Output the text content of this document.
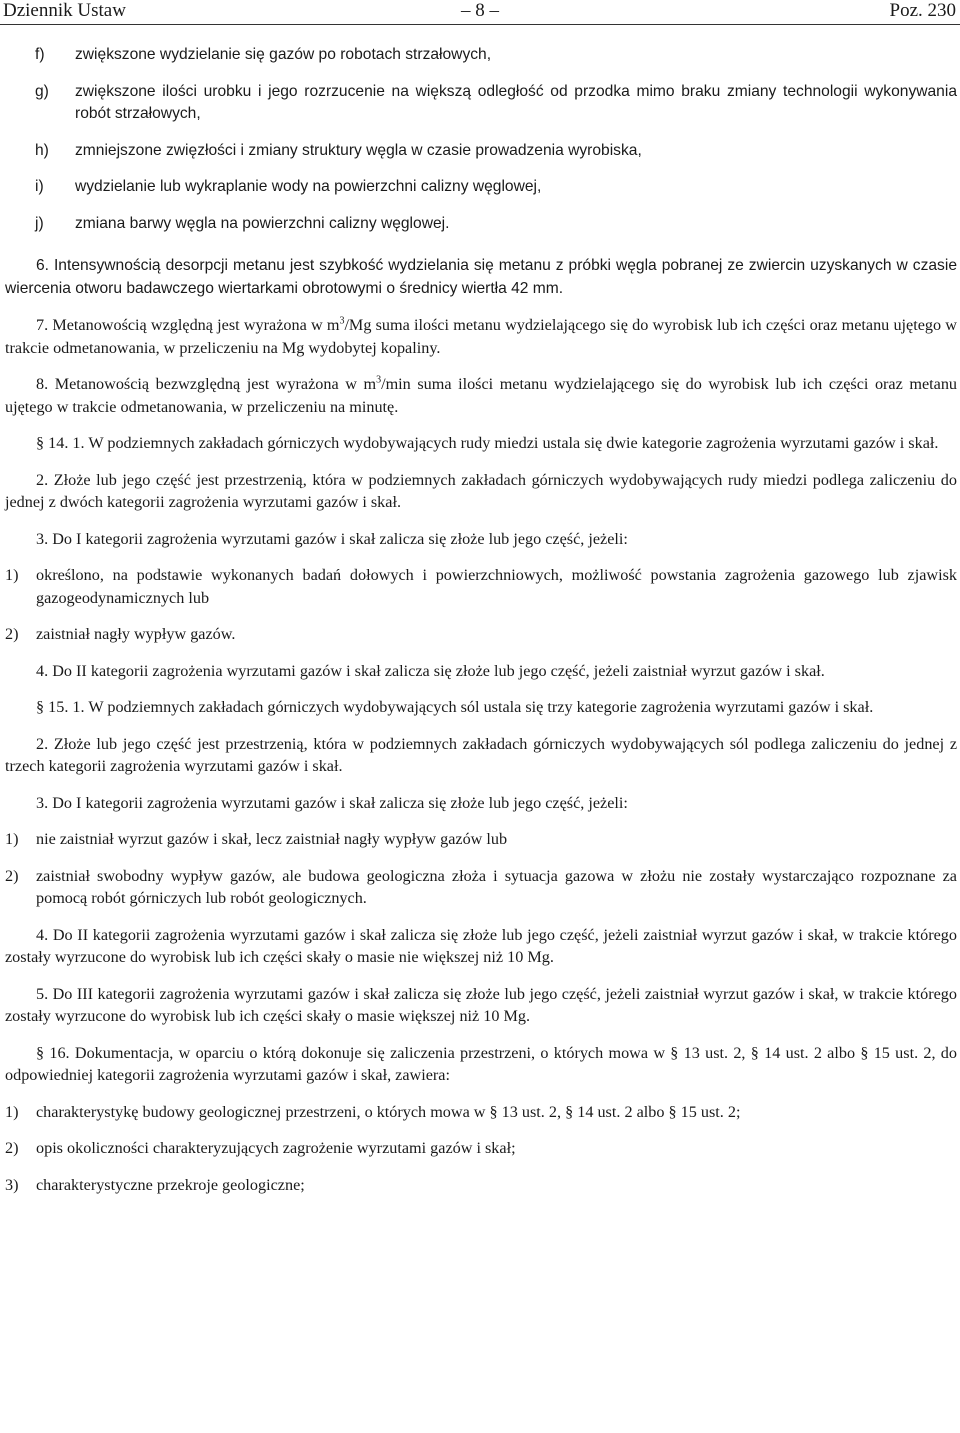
Dziennik Ustaw	– 8 –	Poz. 230
f) zwiększone wydzielanie się gazów po robotach strzałowych,
g) zwiększone ilości urobku i jego rozrzucenie na większą odległość od przodka mimo braku zmiany technologii wykonywania robót strzałowych,
h) zmniejszone zwięzłości i zmiany struktury węgla w czasie prowadzenia wyrobiska,
i) wydzielanie lub wykraplanie wody na powierzchni calizny węglowej,
j) zmiana barwy węgla na powierzchni calizny węglowej.
6. Intensywnością desorpcji metanu jest szybkość wydzielania się metanu z próbki węgla pobranej ze zwiercin uzyskanych w czasie wiercenia otworu badawczego wiertarkami obrotowymi o średnicy wiertła 42 mm.
7. Metanowością względną jest wyrażona w $m^3/Mg$ suma ilości metanu wydzielającego się do wyrobisk lub ich części oraz metanu ujętego w trakcie odmetanowania, w przeliczeniu na Mg wydobytej kopaliny.
8. Metanowością bezwzględną jest wyrażona w $m^3/\min$ suma ilości metanu wydzielającego się do wyrobisk lub ich części oraz metanu ujętego w trakcie odmetanowania, w przeliczeniu na minutę.
§ 14. 1. W podziemnych zakładach górniczych wydobywających rudy miedzi ustala się dwie kategorie zagrożenia wyrzutami gazów i skał.
2. Złoże lub jego część jest przestrzenią, która w podziemnych zakładach górniczych wydobywających rudy miedzi podlega zaliczeniu do jednej z dwóch kategorii zagrożenia wyrzutami gazów i skał.
3. Do I kategorii zagrożenia wyrzutami gazów i skał zalicza się złoże lub jego część, jeżeli:
1) określono, na podstawie wykonanych badań dołowych i powierzchniowych, możliwość powstania zagrożenia gazowego lub zjawisk gazogeodynamicznych lub
2) zaistniał nagły wypływ gazów.
4. Do II kategorii zagrożenia wyrzutami gazów i skał zalicza się złoże lub jego część, jeżeli zaistniał wyrzut gazów i skał.
§ 15. 1. W podziemnych zakładach górniczych wydobywających sól ustala się trzy kategorie zagrożenia wyrzutami gazów i skał.
2. Złoże lub jego część jest przestrzenią, która w podziemnych zakładach górniczych wydobywających sól podlega zaliczeniu do jednej z trzech kategorii zagrożenia wyrzutami gazów i skał.
3. Do I kategorii zagrożenia wyrzutami gazów i skał zalicza się złoże lub jego część, jeżeli:
1) nie zaistniał wyrzut gazów i skał, lecz zaistniał nagły wypływ gazów lub
2) zaistniał swobodny wypływ gazów, ale budowa geologiczna złoża i sytuacja gazowa w złożu nie zostały wystarczająco rozpoznane za pomocą robót górniczych lub robót geologicznych.
4. Do II kategorii zagrożenia wyrzutami gazów i skał zalicza się złoże lub jego część, jeżeli zaistniał wyrzut gazów i skał, w trakcie którego zostały wyrzucone do wyrobisk lub ich części skały o masie nie większej niż 10 Mg.
5. Do III kategorii zagrożenia wyrzutami gazów i skał zalicza się złoże lub jego część, jeżeli zaistniał wyrzut gazów i skał, w trakcie którego zostały wyrzucone do wyrobisk lub ich części skały o masie większej niż 10 Mg.
§ 16. Dokumentacja, w oparciu o którą dokonuje się zaliczenia przestrzeni, o których mowa w § 13 ust. 2, § 14 ust. 2 albo § 15 ust. 2, do odpowiedniej kategorii zagrożenia wyrzutami gazów i skał, zawiera:
1) charakterystykę budowy geologicznej przestrzeni, o których mowa w § 13 ust. 2, § 14 ust. 2 albo § 15 ust. 2;
2) opis okoliczności charakteryzujących zagrożenie wyrzutami gazów i skał;
3) charakterystyczne przekroje geologiczne;
